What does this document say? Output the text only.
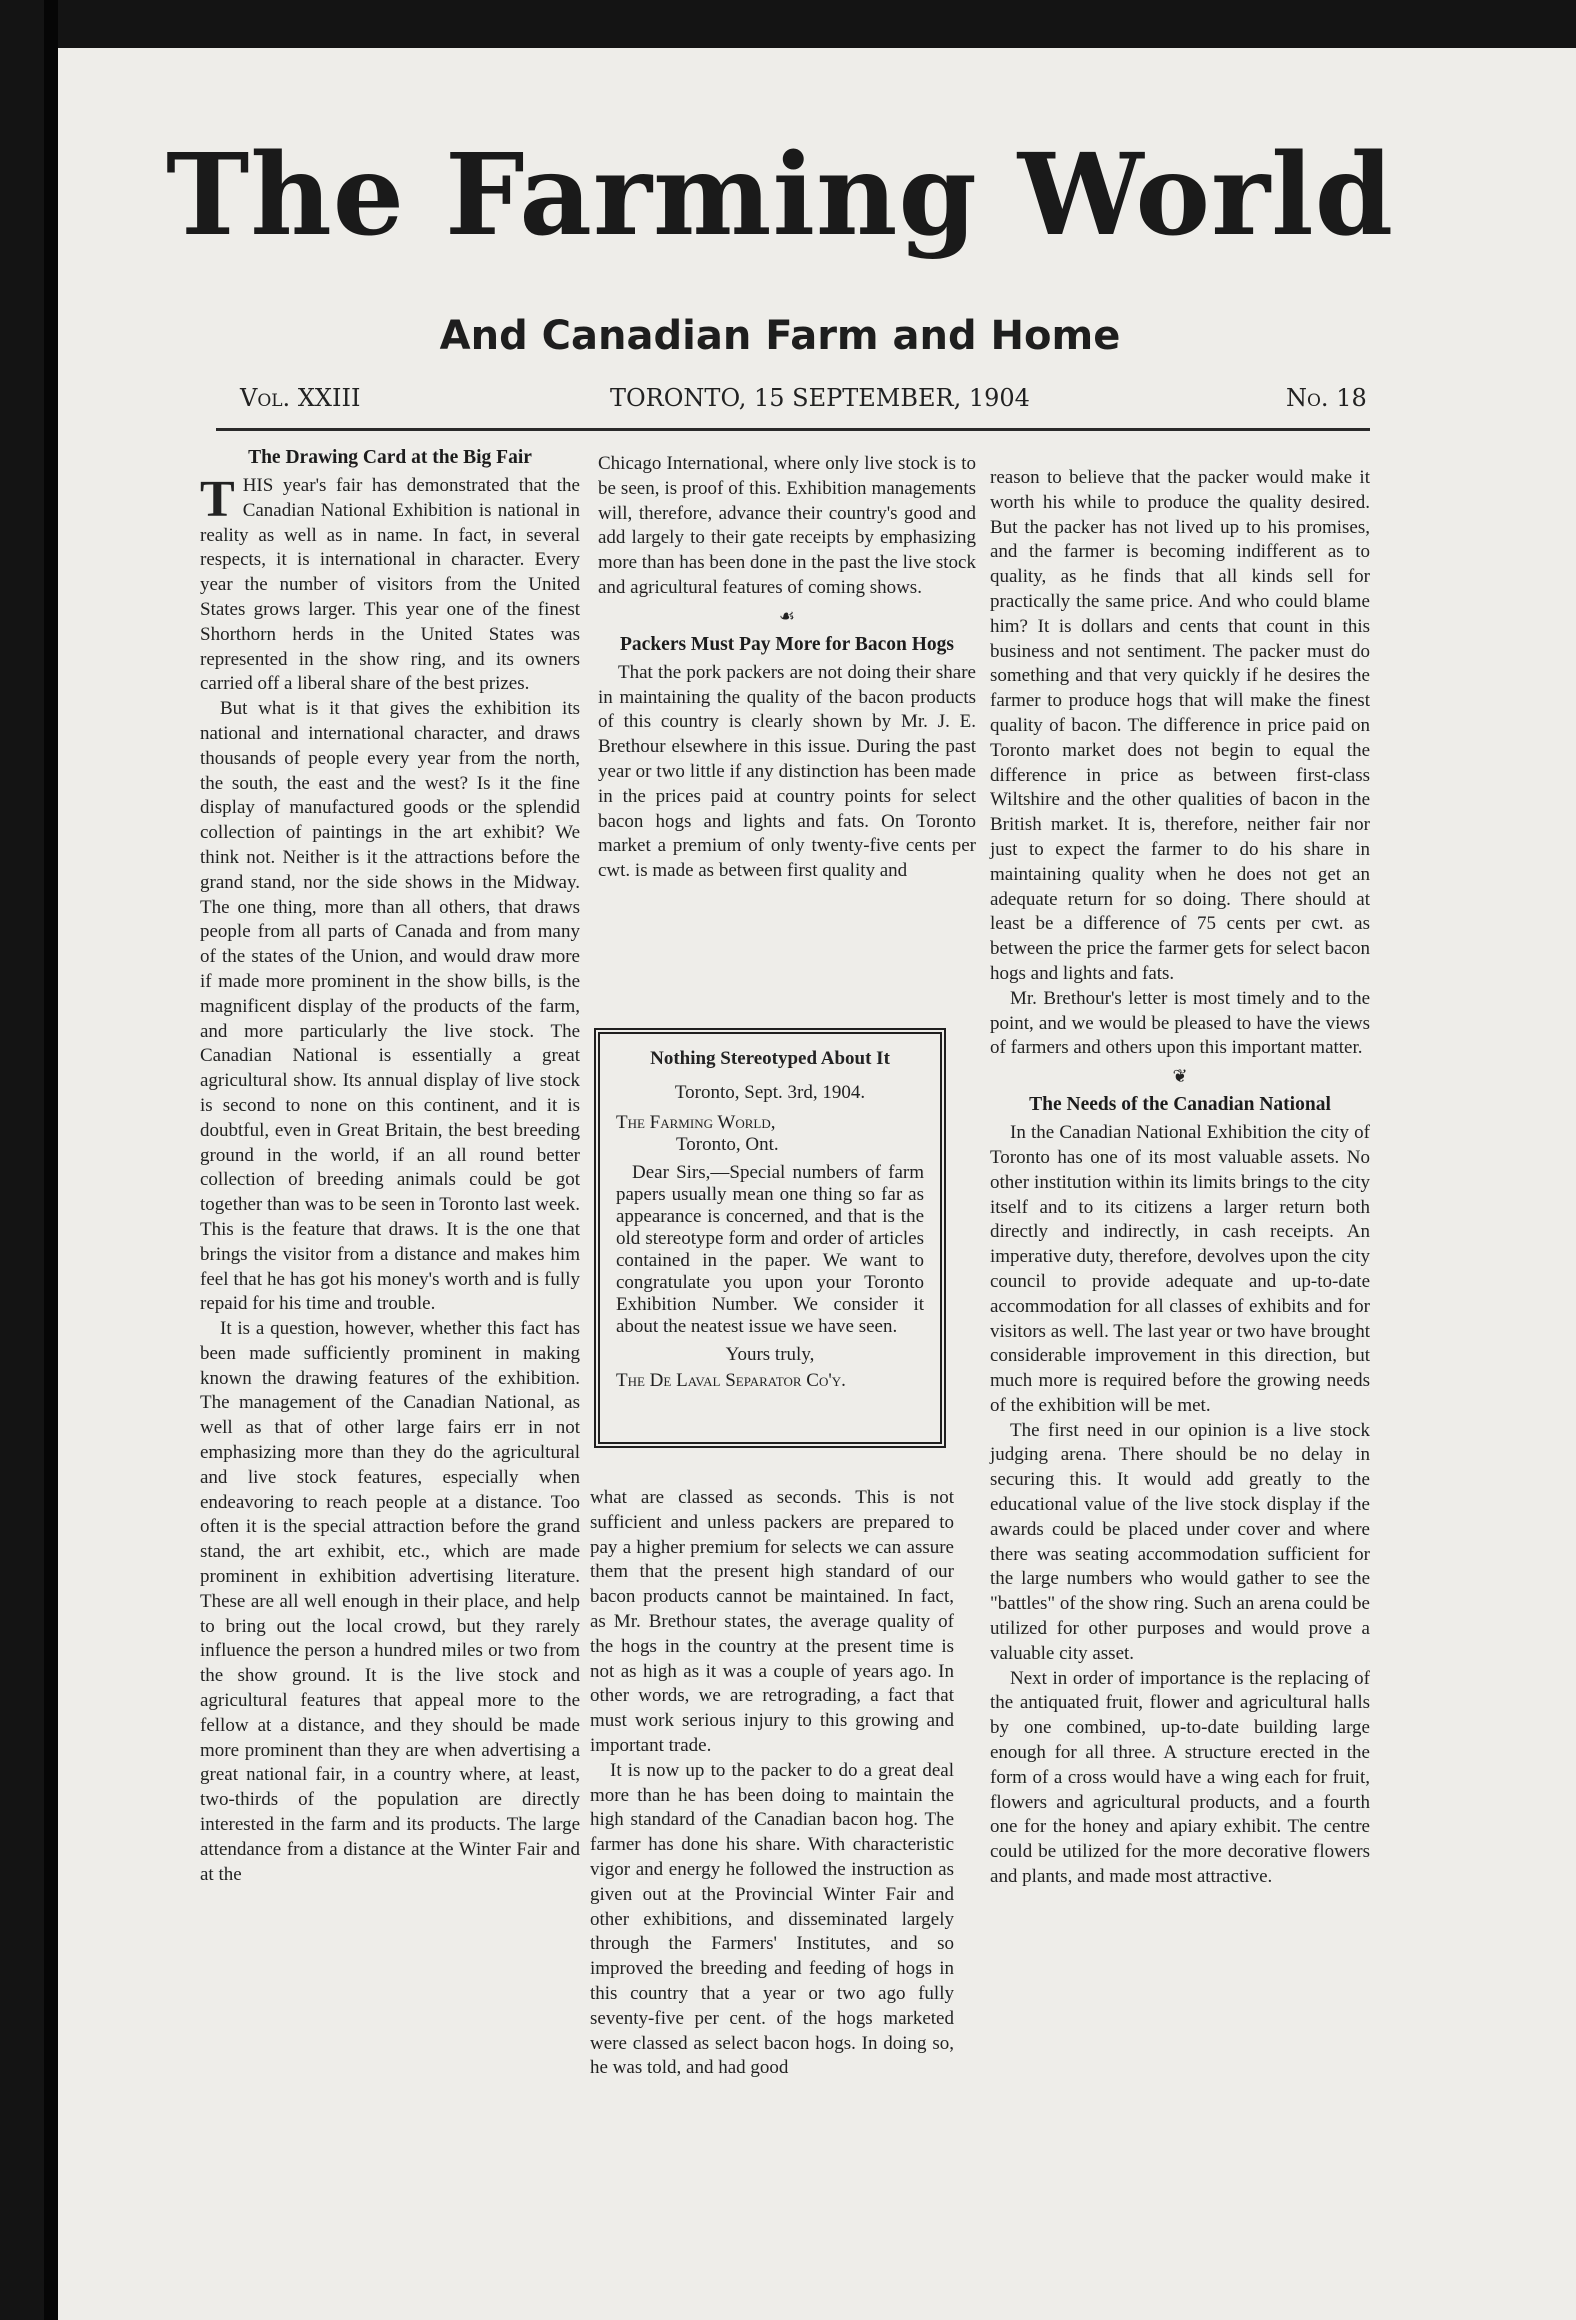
The Farming World
And Canadian Farm and Home
Vol. XXIII	TORONTO, 15 SEPTEMBER, 1904	No. 18
The Drawing Card at the Big Fair

THIS year's fair has demonstrated that the Canadian National Exhibition is national in reality as well as in name. In fact, in several respects, it is international in character. Every year the number of visitors from the United States grows larger. This year one of the finest Shorthorn herds in the United States was represented in the show ring, and its owners carried off a liberal share of the best prizes.

But what is it that gives the exhibition its national and international character, and draws thousands of people every year from the north, the south, the east and the west? Is it the fine display of manufactured goods or the splendid collection of paintings in the art exhibit? We think not. Neither is it the attractions before the grand stand, nor the side shows in the Midway. The one thing, more than all others, that draws people from all parts of Canada and from many of the states of the Union, and would draw more if made more prominent in the show bills, is the magnificent display of the products of the farm, and more particularly the live stock. The Canadian National is essentially a great agricultural show. Its annual display of live stock is second to none on this continent, and it is doubtful, even in Great Britain, the best breeding ground in the world, if an all round better collection of breeding animals could be got together than was to be seen in Toronto last week. This is the feature that draws. It is the one that brings the visitor from a distance and makes him feel that he has got his money's worth and is fully repaid for his time and trouble.

It is a question, however, whether this fact has been made sufficiently prominent in making known the drawing features of the exhibition. The management of the Canadian National, as well as that of other large fairs err in not emphasizing more than they do the agricultural and live stock features, especially when endeavoring to reach people at a distance. Too often it is the special attraction before the grand stand, the art exhibit, etc., which are made prominent in exhibition advertising literature. These are all well enough in their place, and help to bring out the local crowd, but they rarely influence the person a hundred miles or two from the show ground. It is the live stock and agricultural features that appeal more to the fellow at a distance, and they should be made more prominent than they are when advertising a great national fair, in a country where, at least, two-thirds of the population are directly interested in the farm and its products. The large attendance from a distance at the Winter Fair and at the

Chicago International, where only live stock is to be seen, is proof of this. Exhibition managements will, therefore, advance their country's good and add largely to their gate receipts by emphasizing more than has been done in the past the live stock and agricultural features of coming shows.

☙
Packers Must Pay More for Bacon Hogs

That the pork packers are not doing their share in maintaining the quality of the bacon products of this country is clearly shown by Mr. J. E. Brethour elsewhere in this issue. During the past year or two little if any distinction has been made in the prices paid at country points for select bacon hogs and lights and fats. On Toronto market a premium of only twenty-five cents per cwt. is made as between first quality and

Nothing Stereotyped About It
Toronto, Sept. 3rd, 1904.
The Farming World,
Toronto, Ont.
Dear Sirs,—Special numbers of farm papers usually mean one thing so far as appearance is concerned, and that is the old stereotype form and order of articles contained in the paper. We want to congratulate you upon your Toronto Exhibition Number. We consider it about the neatest issue we have seen.
Yours truly,
The De Laval Separator Co'y.

what are classed as seconds. This is not sufficient and unless packers are prepared to pay a higher premium for selects we can assure them that the present high standard of our bacon products cannot be maintained. In fact, as Mr. Brethour states, the average quality of the hogs in the country at the present time is not as high as it was a couple of years ago. In other words, we are retrograding, a fact that must work serious injury to this growing and important trade.

It is now up to the packer to do a great deal more than he has been doing to maintain the high standard of the Canadian bacon hog. The farmer has done his share. With characteristic vigor and energy he followed the instruction as given out at the Provincial Winter Fair and other exhibitions, and disseminated largely through the Farmers' Institutes, and so improved the breeding and feeding of hogs in this country that a year or two ago fully seventy-five per cent. of the hogs marketed were classed as select bacon hogs. In doing so, he was told, and had good

reason to believe that the packer would make it worth his while to produce the quality desired. But the packer has not lived up to his promises, and the farmer is becoming indifferent as to quality, as he finds that all kinds sell for practically the same price. And who could blame him? It is dollars and cents that count in this business and not sentiment. The packer must do something and that very quickly if he desires the farmer to produce hogs that will make the finest quality of bacon. The difference in price paid on Toronto market does not begin to equal the difference in price as between first-class Wiltshire and the other qualities of bacon in the British market. It is, therefore, neither fair nor just to expect the farmer to do his share in maintaining quality when he does not get an adequate return for so doing. There should at least be a difference of 75 cents per cwt. as between the price the farmer gets for select bacon hogs and lights and fats.

Mr. Brethour's letter is most timely and to the point, and we would be pleased to have the views of farmers and others upon this important matter.

❦
The Needs of the Canadian National

In the Canadian National Exhibition the city of Toronto has one of its most valuable assets. No other institution within its limits brings to the city itself and to its citizens a larger return both directly and indirectly, in cash receipts. An imperative duty, therefore, devolves upon the city council to provide adequate and up-to-date accommodation for all classes of exhibits and for visitors as well. The last year or two have brought considerable improvement in this direction, but much more is required before the growing needs of the exhibition will be met.

The first need in our opinion is a live stock judging arena. There should be no delay in securing this. It would add greatly to the educational value of the live stock display if the awards could be placed under cover and where there was seating accommodation sufficient for the large numbers who would gather to see the "battles" of the show ring. Such an arena could be utilized for other purposes and would prove a valuable city asset.

Next in order of importance is the replacing of the antiquated fruit, flower and agricultural halls by one combined, up-to-date building large enough for all three. A structure erected in the form of a cross would have a wing each for fruit, flowers and agricultural products, and a fourth one for the honey and apiary exhibit. The centre could be utilized for the more decorative flowers and plants, and made most attractive.
